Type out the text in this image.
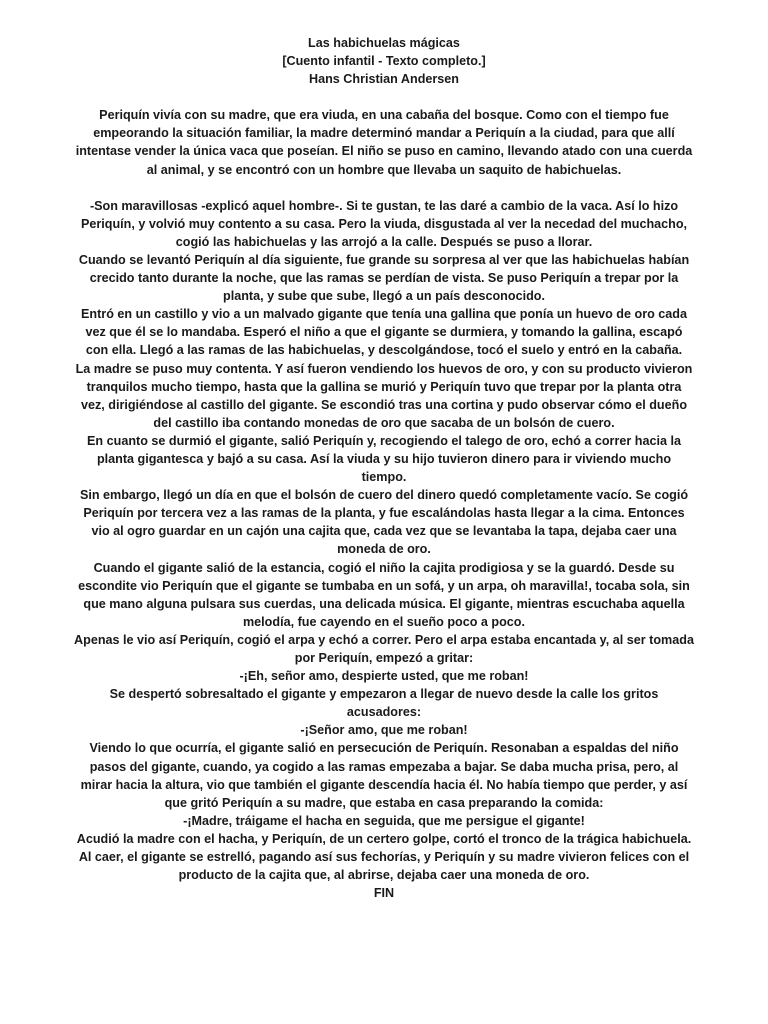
Las habichuelas mágicas
[Cuento infantil - Texto completo.]
Hans Christian Andersen

Periquín vivía con su madre, que era viuda, en una cabaña del bosque. Como con el tiempo fue empeorando la situación familiar, la madre determinó mandar a Periquín a la ciudad, para que allí intentase vender la única vaca que poseían. El niño se puso en camino, llevando atado con una cuerda al animal, y se encontró con un hombre que llevaba un saquito de habichuelas.

-Son maravillosas -explicó aquel hombre-. Si te gustan, te las daré a cambio de la vaca. Así lo hizo Periquín, y volvió muy contento a su casa. Pero la viuda, disgustada al ver la necedad del muchacho, cogió las habichuelas y las arrojó a la calle. Después se puso a llorar.

Cuando se levantó Periquín al día siguiente, fue grande su sorpresa al ver que las habichuelas habían crecido tanto durante la noche, que las ramas se perdían de vista. Se puso Periquín a trepar por la planta, y sube que sube, llegó a un país desconocido.

Entró en un castillo y vio a un malvado gigante que tenía una gallina que ponía un huevo de oro cada vez que él se lo mandaba. Esperó el niño a que el gigante se durmiera, y tomando la gallina, escapó con ella. Llegó a las ramas de las habichuelas, y descolgándose, tocó el suelo y entró en la cabaña.

La madre se puso muy contenta. Y así fueron vendiendo los huevos de oro, y con su producto vivieron tranquilos mucho tiempo, hasta que la gallina se murió y Periquín tuvo que trepar por la planta otra vez, dirigiéndose al castillo del gigante. Se escondió tras una cortina y pudo observar cómo el dueño del castillo iba contando monedas de oro que sacaba de un bolsón de cuero.

En cuanto se durmió el gigante, salió Periquín y, recogiendo el talego de oro, echó a correr hacia la planta gigantesca y bajó a su casa. Así la viuda y su hijo tuvieron dinero para ir viviendo mucho tiempo.

Sin embargo, llegó un día en que el bolsón de cuero del dinero quedó completamente vacío. Se cogió Periquín por tercera vez a las ramas de la planta, y fue escalándolas hasta llegar a la cima. Entonces vio al ogro guardar en un cajón una cajita que, cada vez que se levantaba la tapa, dejaba caer una moneda de oro.

Cuando el gigante salió de la estancia, cogió el niño la cajita prodigiosa y se la guardó. Desde su escondite vio Periquín que el gigante se tumbaba en un sofá, y un arpa, oh maravilla!, tocaba sola, sin que mano alguna pulsara sus cuerdas, una delicada música. El gigante, mientras escuchaba aquella melodía, fue cayendo en el sueño poco a poco.

Apenas le vio así Periquín, cogió el arpa y echó a correr. Pero el arpa estaba encantada y, al ser tomada por Periquín, empezó a gritar:

-¡Eh, señor amo, despierte usted, que me roban!

Se despertó sobresaltado el gigante y empezaron a llegar de nuevo desde la calle los gritos acusadores:

-¡Señor amo, que me roban!

Viendo lo que ocurría, el gigante salió en persecución de Periquín. Resonaban a espaldas del niño pasos del gigante, cuando, ya cogido a las ramas empezaba a bajar. Se daba mucha prisa, pero, al mirar hacia la altura, vio que también el gigante descendía hacia él. No había tiempo que perder, y así que gritó Periquín a su madre, que estaba en casa preparando la comida:

-¡Madre, tráigame el hacha en seguida, que me persigue el gigante!

Acudió la madre con el hacha, y Periquín, de un certero golpe, cortó el tronco de la trágica habichuela. Al caer, el gigante se estrelló, pagando así sus fechorías, y Periquín y su madre vivieron felices con el producto de la cajita que, al abrirse, dejaba caer una moneda de oro.

FIN
